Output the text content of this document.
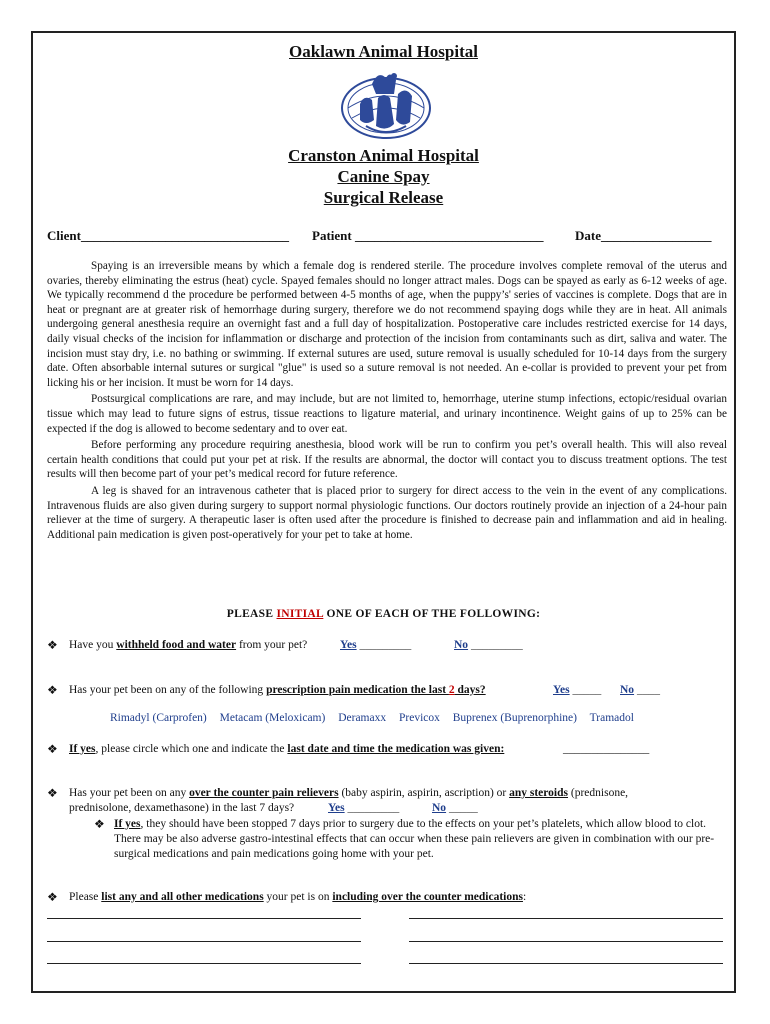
Oaklawn Animal Hospital
Cranston Animal Hospital
Canine Spay
Surgical Release
Client________________________________ Patient _____________________________ Date_________________

Spaying is an irreversible means by which a female dog is rendered sterile. The procedure involves complete removal of the uterus and ovaries, thereby eliminating the estrus (heat) cycle. Spayed females should no longer attract males. Dogs can be spayed as early as 6-12 weeks of age. We typically recommend d the procedure be performed between 4-5 months of age, when the puppy’s' series of vaccines is complete. Dogs that are in heat or pregnant are at greater risk of hemorrhage during surgery, therefore we do not recommend spaying dogs while they are in heat. All animals undergoing general anesthesia require an overnight fast and a full day of hospitalization. Postoperative care includes restricted exercise for 14 days, daily visual checks of the incision for inflammation or discharge and protection of the incision from contaminants such as dirt, saliva and water. The incision must stay dry, i.e. no bathing or swimming. If external sutures are used, suture removal is usually scheduled for 10-14 days from the surgery date. Often absorbable internal sutures or surgical "glue" is used so a suture removal is not needed. An e-collar is provided to prevent your pet from licking his or her incision. It must be worn for 14 days.

Postsurgical complications are rare, and may include, but are not limited to, hemorrhage, uterine stump infections, ectopic/residual ovarian tissue which may lead to future signs of estrus, tissue reactions to ligature material, and urinary incontinence. Weight gains of up to 25% can be expected if the dog is allowed to become sedentary and to over eat.

Before performing any procedure requiring anesthesia, blood work will be run to confirm you pet’s overall health. This will also reveal certain health conditions that could put your pet at risk. If the results are abnormal, the doctor will contact you to discuss treatment options. The test results will then become part of your pet’s medical record for future reference.

A leg is shaved for an intravenous catheter that is placed prior to surgery for direct access to the vein in the event of any complications. Intravenous fluids are also given during surgery to support normal physiologic functions. Our doctors routinely provide an injection of a 24-hour pain reliever at the time of surgery. A therapeutic laser is often used after the procedure is finished to decrease pain and inflammation and aid in healing. Additional pain medication is given post-operatively for your pet to take at home.

PLEASE INITIAL ONE OF EACH OF THE FOLLOWING:
❖ Have you withheld food and water from your pet?	Yes _________	No _________
❖ Has your pet been on any of the following prescription pain medication the last 2 days?	Yes _____ No ____
Rimadyl (Carprofen) Metacam (Meloxicam) Deramaxx Previcox Buprenex (Buprenorphine) Tramadol
❖ If yes, please circle which one and indicate the last date and time the medication was given:	_______________
❖ Has your pet been on any over the counter pain relievers (baby aspirin, aspirin, ascription) or any steroids (prednisone,
prednisolone, dexamethasone) in the last 7 days?	Yes _________	No _____
❖ If yes, they should have been stopped 7 days prior to surgery due to the effects on your pet’s platelets, which allow blood to clot. There may be also adverse gastro-intestinal effects that can occur when these pain relievers are given in combination with our pre-surgical medications and pain medications going home with your pet.
❖ Please list any and all other medications your pet is on including over the counter medications:
